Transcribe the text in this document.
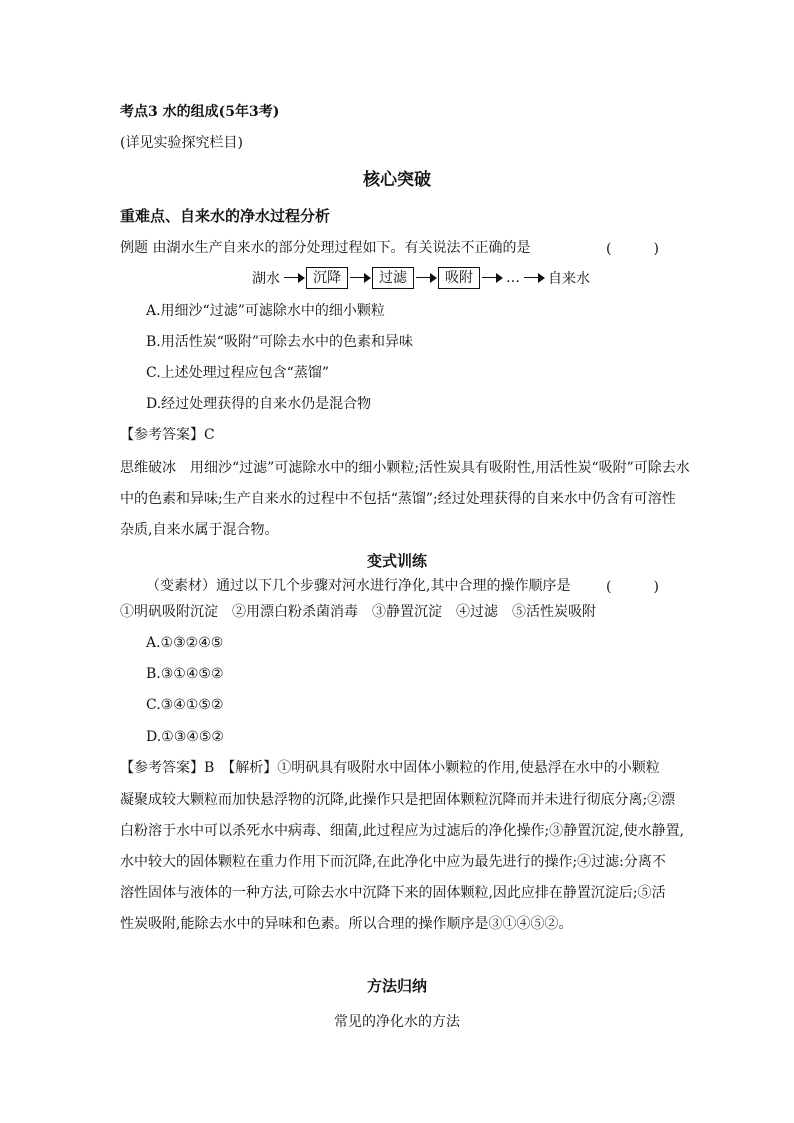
考点3 水的组成(5年3考)
(详见实验探究栏目)
核心突破
重难点、自来水的净水过程分析
例题 由湖水生产自来水的部分处理过程如下。有关说法不正确的是	(　　　)
湖水	沉降	过滤	吸附	… 自来水
A.用细沙“过滤”可滤除水中的细小颗粒
B.用活性炭“吸附”可除去水中的色素和异味
C.上述处理过程应包含“蒸馏”
D.经过处理获得的自来水仍是混合物
【参考答案】C
思维破冰　用细沙“过滤”可滤除水中的细小颗粒;活性炭具有吸附性,用活性炭“吸附”可除去水
中的色素和异味;生产自来水的过程中不包括“蒸馏”;经过处理获得的自来水中仍含有可溶性
杂质,自来水属于混合物。
变式训练
（变素材）通过以下几个步骤对河水进行净化,其中合理的操作顺序是	(　　　)
①明矾吸附沉淀　②用漂白粉杀菌消毒　③静置沉淀　④过滤　⑤活性炭吸附
A.①③②④⑤
B.③①④⑤②
C.③④①⑤②
D.①③④⑤②
【参考答案】B　【解析】①明矾具有吸附水中固体小颗粒的作用,使悬浮在水中的小颗粒
凝聚成较大颗粒而加快悬浮物的沉降,此操作只是把固体颗粒沉降而并未进行彻底分离;②漂
白粉溶于水中可以杀死水中病毒、细菌,此过程应为过滤后的净化操作;③静置沉淀,使水静置,
水中较大的固体颗粒在重力作用下而沉降,在此净化中应为最先进行的操作;④过滤:分离不
溶性固体与液体的一种方法,可除去水中沉降下来的固体颗粒,因此应排在静置沉淀后;⑤活
性炭吸附,能除去水中的异味和色素。所以合理的操作顺序是③①④⑤②。
方法归纳
常见的净化水的方法
